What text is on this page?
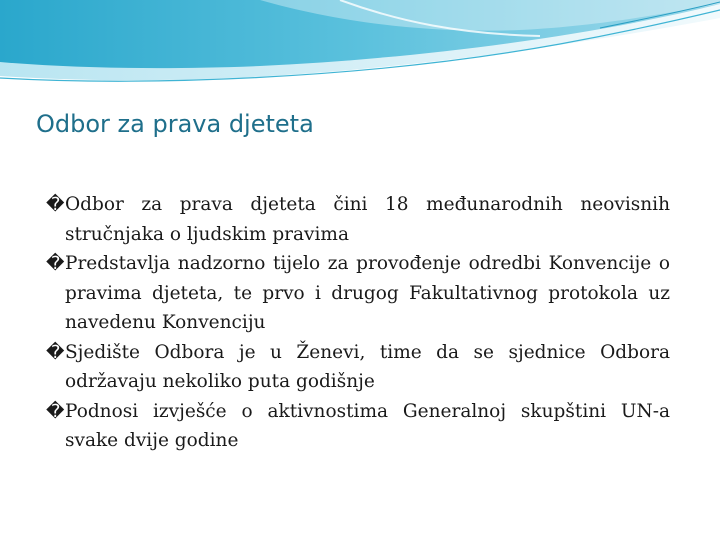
Odbor za prava djeteta
� Odbor za prava djeteta čini 18 međunarodnih neovisnih stručnjaka o ljudskim pravima
� Predstavlja nadzorno tijelo za provođenje odredbi Konvencije o pravima djeteta, te prvo i drugog Fakultativnog protokola uz navedenu Konvenciju
� Sjedište Odbora je u Ženevi, time da se sjednice Odbora održavaju nekoliko puta godišnje
� Podnosi izvješće o aktivnostima Generalnoj skupštini UN-a svake dvije godine
